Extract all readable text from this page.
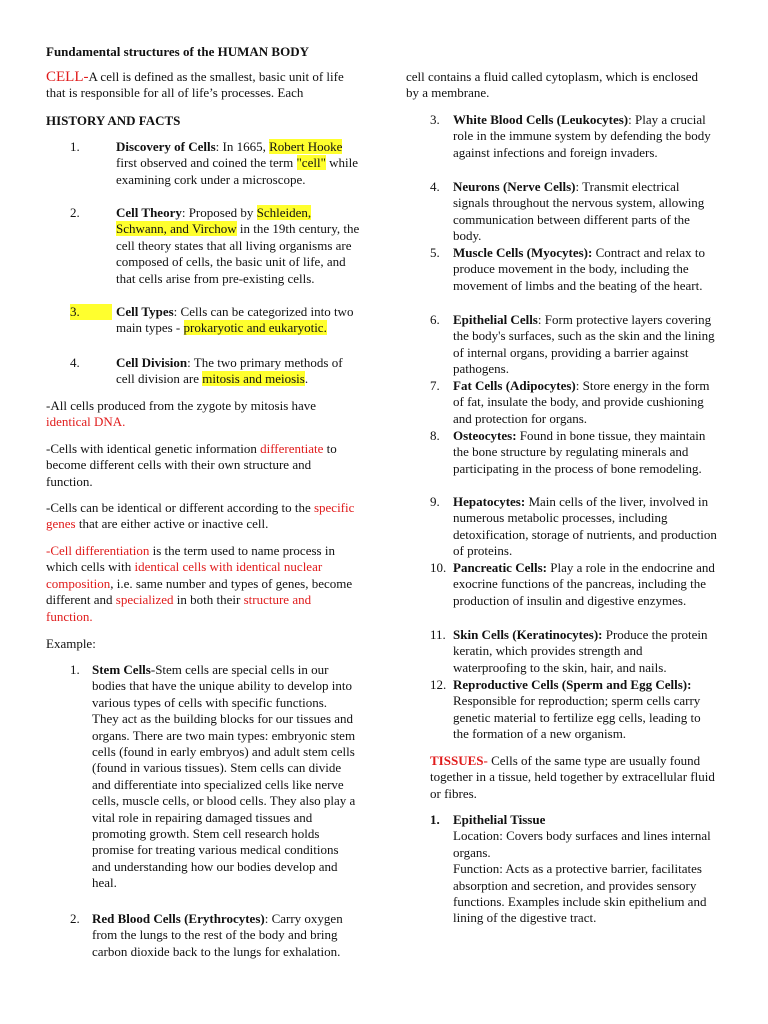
Fundamental structures of the HUMAN BODY

CELL-A cell is defined as the smallest, basic unit of life that is responsible for all of life’s processes. Each

HISTORY AND FACTS
1.	Discovery of Cells: In 1665, Robert Hooke first observed and coined the term "cell" while examining cork under a microscope.

2.	Cell Theory: Proposed by Schleiden, Schwann, and Virchow in the 19th century, the cell theory states that all living organisms are composed of cells, the basic unit of life, and that cells arise from pre-existing cells.

3.	Cell Types: Cells can be categorized into two main types - prokaryotic and eukaryotic.

4.	Cell Division: The two primary methods of cell division are mitosis and meiosis.

-All cells produced from the zygote by mitosis have identical DNA.

-Cells with identical genetic information differentiate to become different cells with their own structure and function.

-Cells can be identical or different according to the specific genes that are either active or inactive cell.

-Cell differentiation is the term used to name process in which cells with identical cells with identical nuclear composition, i.e. same number and types of genes, become different and specialized in both their structure and function.

Example:

1. Stem Cells-Stem cells are special cells in our bodies that have the unique ability to develop into various types of cells with specific functions. They act as the building blocks for our tissues and organs. There are two main types: embryonic stem cells (found in early embryos) and adult stem cells (found in various tissues). Stem cells can divide and differentiate into specialized cells like nerve cells, muscle cells, or blood cells. They also play a vital role in repairing damaged tissues and promoting growth. Stem cell research holds promise for treating various medical conditions and understanding how our bodies develop and heal.

2. Red Blood Cells (Erythrocytes): Carry oxygen from the lungs to the rest of the body and bring carbon dioxide back to the lungs for exhalation.

cell contains a fluid called cytoplasm, which is enclosed by a membrane.

3. White Blood Cells (Leukocytes): Play a crucial role in the immune system by defending the body against infections and foreign invaders.

4. Neurons (Nerve Cells): Transmit electrical signals throughout the nervous system, allowing communication between different parts of the body.

5. Muscle Cells (Myocytes): Contract and relax to produce movement in the body, including the movement of limbs and the beating of the heart.

6. Epithelial Cells: Form protective layers covering the body's surfaces, such as the skin and the lining of internal organs, providing a barrier against pathogens.

7. Fat Cells (Adipocytes): Store energy in the form of fat, insulate the body, and provide cushioning and protection for organs.

8. Osteocytes: Found in bone tissue, they maintain the bone structure by regulating minerals and participating in the process of bone remodeling.

9. Hepatocytes: Main cells of the liver, involved in numerous metabolic processes, including detoxification, storage of nutrients, and production of proteins.

10. Pancreatic Cells: Play a role in the endocrine and exocrine functions of the pancreas, including the production of insulin and digestive enzymes.

11. Skin Cells (Keratinocytes): Produce the protein keratin, which provides strength and waterproofing to the skin, hair, and nails.

12. Reproductive Cells (Sperm and Egg Cells): Responsible for reproduction; sperm cells carry genetic material to fertilize egg cells, leading to the formation of a new organism.

TISSUES- Cells of the same type are usually found together in a tissue, held together by extracellular fluid or fibres.

1. Epithelial Tissue

Location: Covers body surfaces and lines internal organs.

Function: Acts as a protective barrier, facilitates absorption and secretion, and provides sensory functions. Examples include skin epithelium and lining of the digestive tract.
